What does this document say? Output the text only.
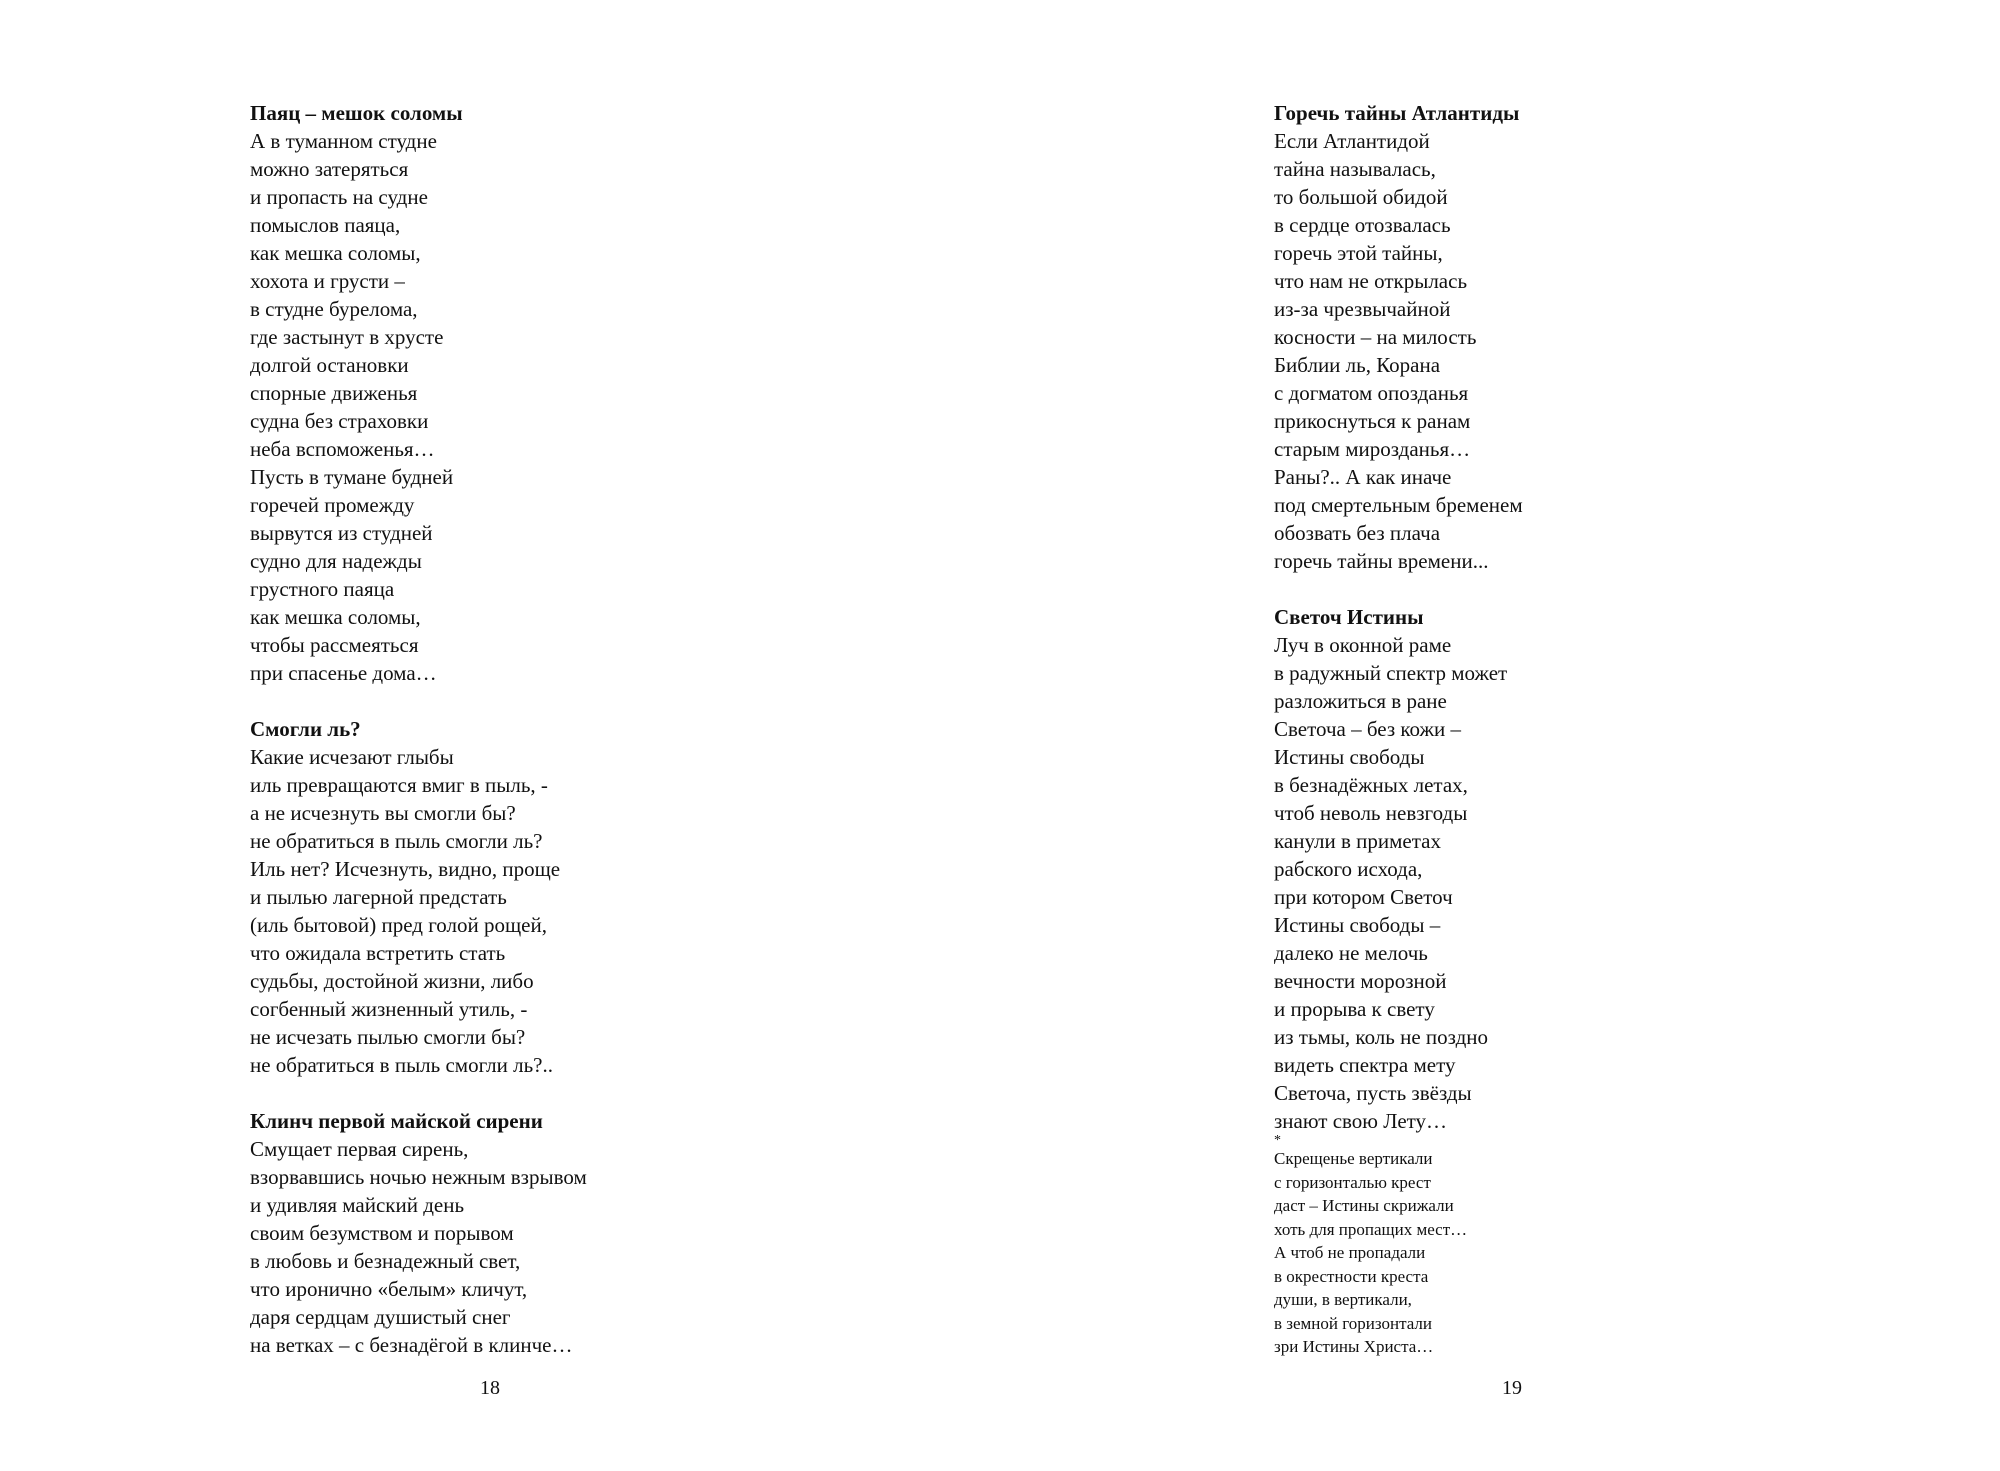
Паяц – мешок соломы

А в туманном студне
можно затеряться
и пропасть на судне
помыслов паяца,
как мешка соломы,
хохота и грусти –
в студне бурелома,
где застынут в хрусте
долгой остановки
спорные движенья
судна без страховки
неба вспоможенья…
Пусть в тумане будней
горечей промежду
вырвутся из студней
судно для надежды
грустного паяца
как мешка соломы,
чтобы рассмеяться
при спасенье дома…

Смогли ль?

Какие исчезают глыбы
иль превращаются вмиг в пыль, -
а не исчезнуть вы смогли бы?
не обратиться в пыль смогли ль?
Иль нет? Исчезнуть, видно, проще
и пылью лагерной предстать
(иль бытовой) пред голой рощей,
что ожидала встретить стать
судьбы, достойной жизни, либо
согбенный жизненный утиль, -
не исчезать пылью смогли бы?
не обратиться в пыль смогли ль?..

Клинч первой майской сирени

Смущает первая сирень,
взорвавшись ночью нежным взрывом
и удивляя майский день
своим безумством и порывом
в любовь и безнадежный свет,
что иронично «белым» кличут,
даря сердцам душистый снег
на ветках – с безнадёгой в клинче…
18

Горечь тайны Атлантиды

Если Атлантидой
тайна называлась,
то большой обидой
в сердце отозвалась
горечь этой тайны,
что нам не открылась
из-за чрезвычайной
косности – на милость
Библии ль, Корана
с догматом опозданья
прикоснуться к ранам
старым мирозданья…
Раны?.. А как иначе
под смертельным бременем
обозвать без плача
горечь тайны времени...

Светоч Истины

Луч в оконной раме
в радужный спектр может
разложиться в ране
Светоча – без кожи –
Истины свободы
в безнадёжных летах,
чтоб неволь невзгоды
канули в приметах
рабского исхода,
при котором Светоч
Истины свободы –
далеко не мелочь
вечности морозной
и прорыва к свету
из тьмы, коль не поздно
видеть спектра мету
Светоча, пусть звёзды
знают свою Лету…

*

Скрещенье вертикали
с горизонталью крест
даст – Истины скрижали
хоть для пропащих мест…
А чтоб не пропадали
в окрестности креста
души, в вертикали,
в земной горизонтали
зри Истины Христа…
19
